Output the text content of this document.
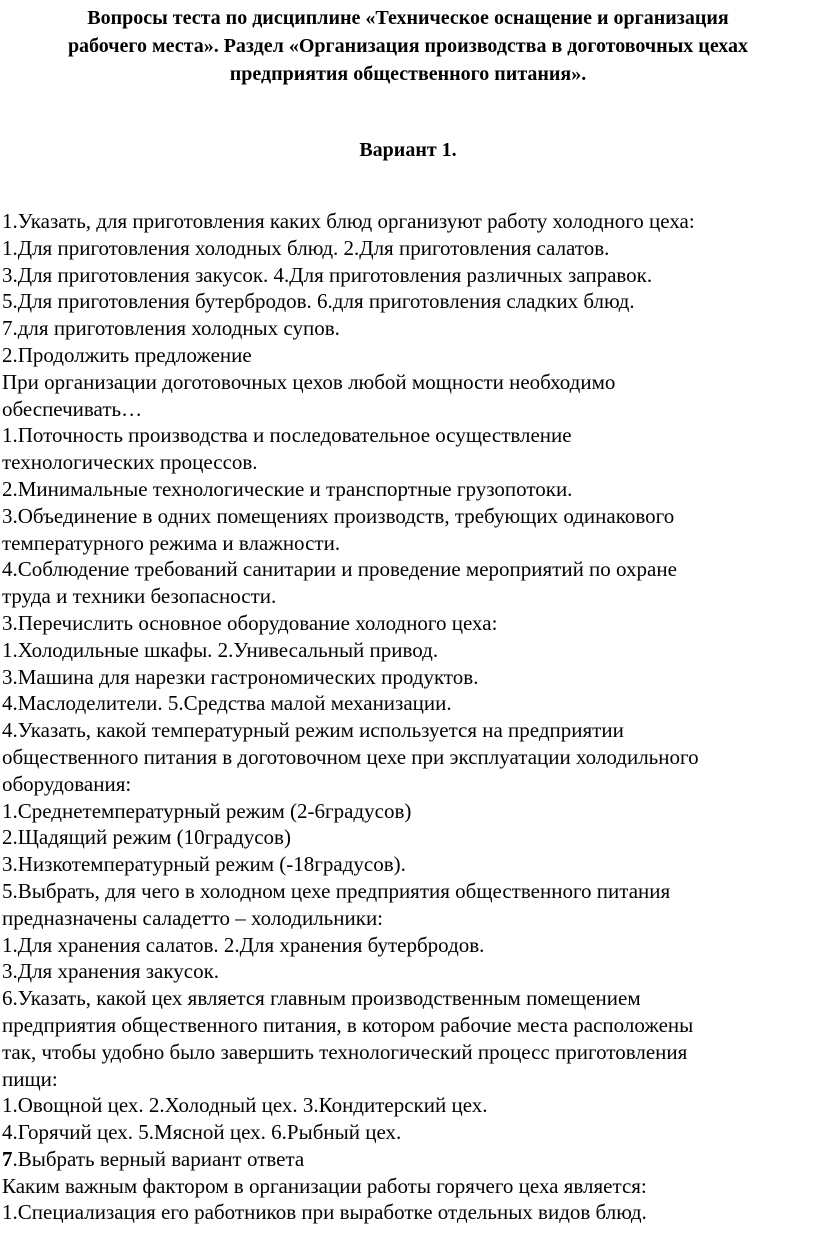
Вопросы теста по дисциплине «Техническое оснащение и организация
рабочего места». Раздел «Организация производства в доготовочных цехах
предприятия общественного питания».
Вариант 1.
1.Указать, для приготовления каких блюд организуют работу холодного цеха:
1.Для приготовления холодных блюд. 2.Для приготовления салатов.
3.Для приготовления закусок. 4.Для приготовления различных заправок.
5.Для приготовления бутербродов. 6.для приготовления сладких блюд.
7.для приготовления холодных супов.
2.Продолжить предложение
При организации доготовочных цехов любой мощности необходимо
обеспечивать…
1.Поточность производства и последовательное осуществление
технологических процессов.
2.Минимальные технологические и транспортные грузопотоки.
3.Объединение в одних помещениях производств, требующих одинакового
температурного режима и влажности.
4.Соблюдение требований санитарии и проведение мероприятий по охране
труда и техники безопасности.
3.Перечислить основное оборудование холодного цеха:
1.Холодильные шкафы. 2.Унивесальный привод.
3.Машина для нарезки гастрономических продуктов.
4.Маслоделители. 5.Средства малой механизации.
4.Указать, какой температурный режим используется на предприятии
общественного питания в доготовочном цехе при эксплуатации холодильного
оборудования:
1.Среднетемпературный режим (2-6градусов)
2.Щадящий режим (10градусов)
3.Низкотемпературный режим (-18градусов).
5.Выбрать, для чего в холодном цехе предприятия общественного питания
предназначены саладетто – холодильники:
1.Для хранения салатов. 2.Для хранения бутербродов.
3.Для хранения закусок.
6.Указать, какой цех является главным производственным помещением
предприятия общественного питания, в котором рабочие места расположены
так, чтобы удобно было завершить технологический процесс приготовления
пищи:
1.Овощной цех. 2.Холодный цех. 3.Кондитерский цех.
4.Горячий цех. 5.Мясной цех. 6.Рыбный цех.
7.Выбрать верный вариант ответа
Каким важным фактором в организации работы горячего цеха является:
1.Специализация его работников при выработке отдельных видов блюд.
